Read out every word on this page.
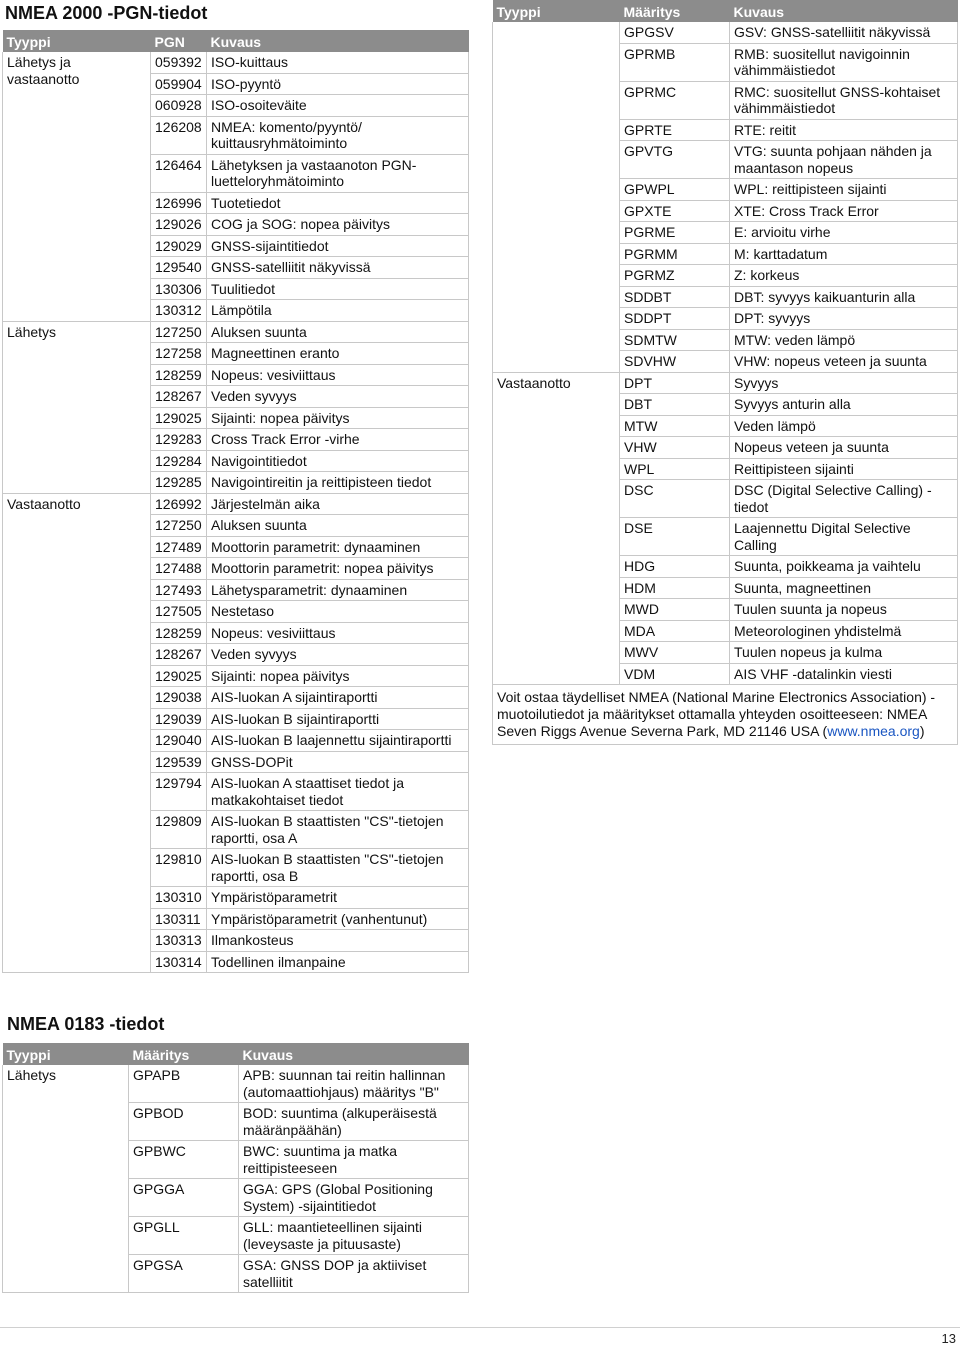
NMEA 2000 -PGN-tiedot
Tyyppi	PGN	Kuvaus
Lähetys ja vastaanotto	059392	ISO-kuittaus
	059904	ISO-pyyntö
	060928	ISO-osoiteväite
	126208	NMEA: komento/pyyntö/ kuittausryhmätoiminto
	126464	Lähetyksen ja vastaanoton PGN-luetteloryhmätoiminto
	126996	Tuotetiedot
	129026	COG ja SOG: nopea päivitys
	129029	GNSS-sijaintitiedot
	129540	GNSS-satelliitit näkyvissä
	130306	Tuulitiedot
	130312	Lämpötila
Lähetys	127250	Aluksen suunta
	127258	Magneettinen eranto
	128259	Nopeus: vesiviittaus
	128267	Veden syvyys
	129025	Sijainti: nopea päivitys
	129283	Cross Track Error -virhe
	129284	Navigointitiedot
	129285	Navigointireitin ja reittipisteen tiedot
Vastaanotto	126992	Järjestelmän aika
	127250	Aluksen suunta
	127489	Moottorin parametrit: dynaaminen
	127488	Moottorin parametrit: nopea päivitys
	127493	Lähetysparametrit: dynaaminen
	127505	Nestetaso
	128259	Nopeus: vesiviittaus
	128267	Veden syvyys
	129025	Sijainti: nopea päivitys
	129038	AIS-luokan A sijaintiraportti
	129039	AIS-luokan B sijaintiraportti
	129040	AIS-luokan B laajennettu sijaintiraportti
	129539	GNSS-DOPit
	129794	AIS-luokan A staattiset tiedot ja matkakohtaiset tiedot
	129809	AIS-luokan B staattisten "CS"-tietojen raportti, osa A
	129810	AIS-luokan B staattisten "CS"-tietojen raportti, osa B
	130310	Ympäristöparametrit
	130311	Ympäristöparametrit (vanhentunut)
	130313	Ilmankosteus
	130314	Todellinen ilmanpaine
NMEA 0183 -tiedot
Tyyppi	Määritys	Kuvaus
Lähetys	GPAPB	APB: suunnan tai reitin hallinnan (automaattiohjaus) määritys "B"
	GPBOD	BOD: suuntima (alkuperäisestä määränpäähän)
	GPBWC	BWC: suuntima ja matka reittipisteeseen
	GPGGA	GGA: GPS (Global Positioning System) -sijaintitiedot
	GPGLL	GLL: maantieteellinen sijainti (leveysaste ja pituusaste)
	GPGSA	GSA: GNSS DOP ja aktiiviset satelliitit
Tyyppi	Määritys	Kuvaus
	GPGSV	GSV: GNSS-satelliitit näkyvissä
	GPRMB	RMB: suositellut navigoinnin vähimmäistiedot
	GPRMC	RMC: suositellut GNSS-kohtaiset vähimmäistiedot
	GPRTE	RTE: reitit
	GPVTG	VTG: suunta pohjaan nähden ja maantason nopeus
	GPWPL	WPL: reittipisteen sijainti
	GPXTE	XTE: Cross Track Error
	PGRME	E: arvioitu virhe
	PGRMM	M: karttadatum
	PGRMZ	Z: korkeus
	SDDBT	DBT: syvyys kaikuanturin alla
	SDDPT	DPT: syvyys
	SDMTW	MTW: veden lämpö
	SDVHW	VHW: nopeus veteen ja suunta
Vastaanotto	DPT	Syvyys
	DBT	Syvyys anturin alla
	MTW	Veden lämpö
	VHW	Nopeus veteen ja suunta
	WPL	Reittipisteen sijainti
	DSC	DSC (Digital Selective Calling) -tiedot
	DSE	Laajennettu Digital Selective Calling
	HDG	Suunta, poikkeama ja vaihtelu
	HDM	Suunta, magneettinen
	MWD	Tuulen suunta ja nopeus
	MDA	Meteorologinen yhdistelmä
	MWV	Tuulen nopeus ja kulma
	VDM	AIS VHF -datalinkin viesti
Voit ostaa täydelliset NMEA (National Marine Electronics Association) -muotoilutiedot ja määritykset ottamalla yhteyden osoitteeseen: NMEA Seven Riggs Avenue Severna Park, MD 21146 USA (www.nmea.org)
13
